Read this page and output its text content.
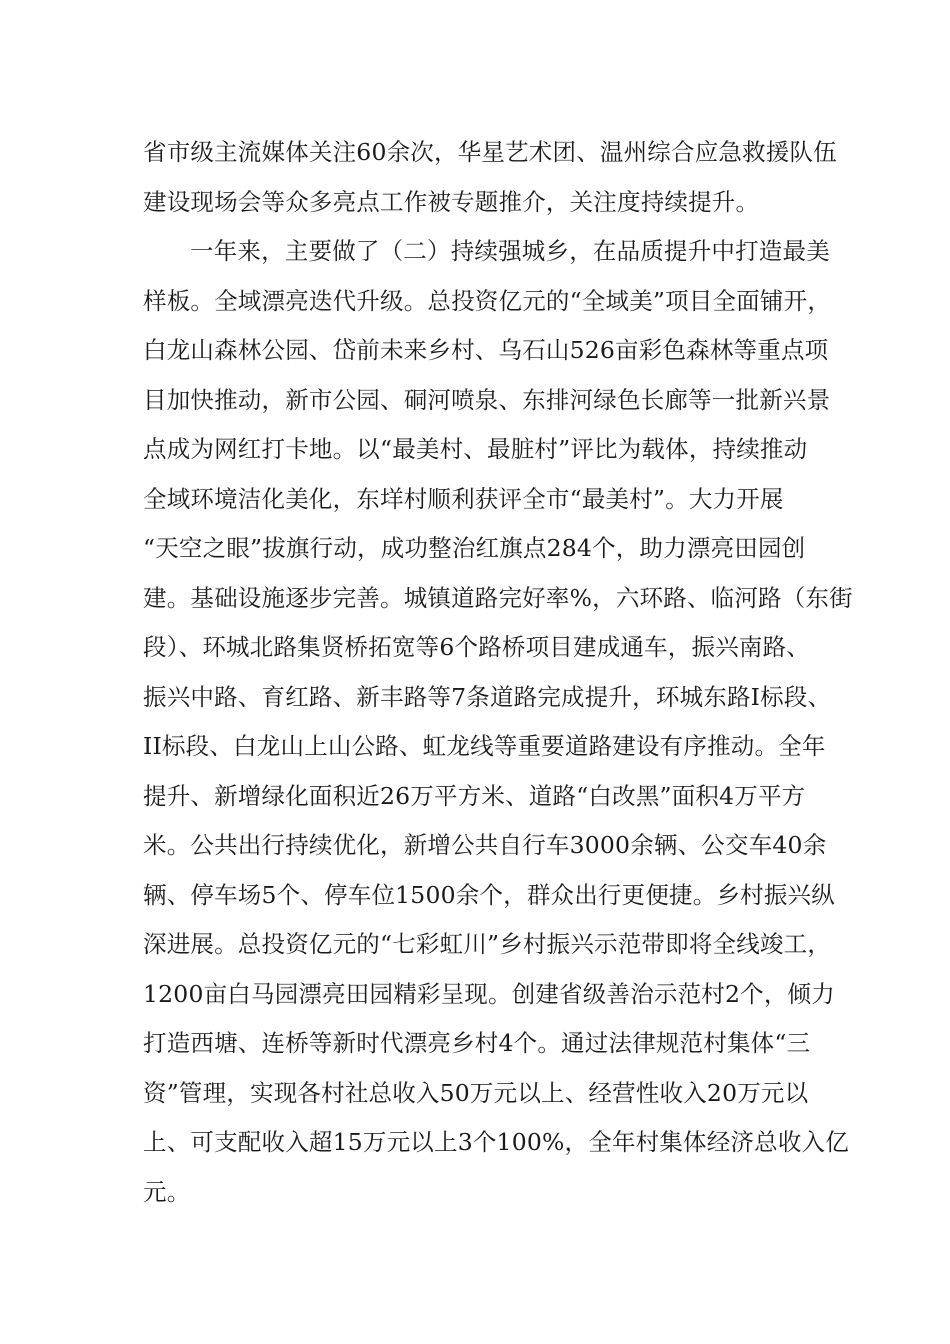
省市级主流媒体关注60余次，华星艺术团、温州综合应急救援队伍
建设现场会等众多亮点工作被专题推介，关注度持续提升。
一年来，主要做了（二）持续强城乡，在品质提升中打造最美
样板。全域漂亮迭代升级。总投资亿元的“全域美”项目全面铺开，
白龙山森林公园、岱前未来乡村、乌石山526亩彩色森林等重点项
目加快推动，新市公园、硐河喷泉、东排河绿色长廊等一批新兴景
点成为网红打卡地。以“最美村、最脏村”评比为载体，持续推动
全域环境洁化美化，东垟村顺利获评全市“最美村”。大力开展
“天空之眼”拔旗行动，成功整治红旗点284个，助力漂亮田园创
建。基础设施逐步完善。城镇道路完好率%，六环路、临河路（东街
段）、环城北路集贤桥拓宽等6个路桥项目建成通车，振兴南路、
振兴中路、育红路、新丰路等7条道路完成提升，环城东路I标段、
II标段、白龙山上山公路、虹龙线等重要道路建设有序推动。全年
提升、新增绿化面积近26万平方米、道路“白改黑”面积4万平方
米。公共出行持续优化，新增公共自行车3000余辆、公交车40余
辆、停车场5个、停车位1500余个，群众出行更便捷。乡村振兴纵
深进展。总投资亿元的“七彩虹川”乡村振兴示范带即将全线竣工，
1200亩白马园漂亮田园精彩呈现。创建省级善治示范村2个，倾力
打造西塘、连桥等新时代漂亮乡村4个。通过法律规范村集体“三
资”管理，实现各村社总收入50万元以上、经营性收入20万元以
上、可支配收入超15万元以上3个100%，全年村集体经济总收入亿
元。
